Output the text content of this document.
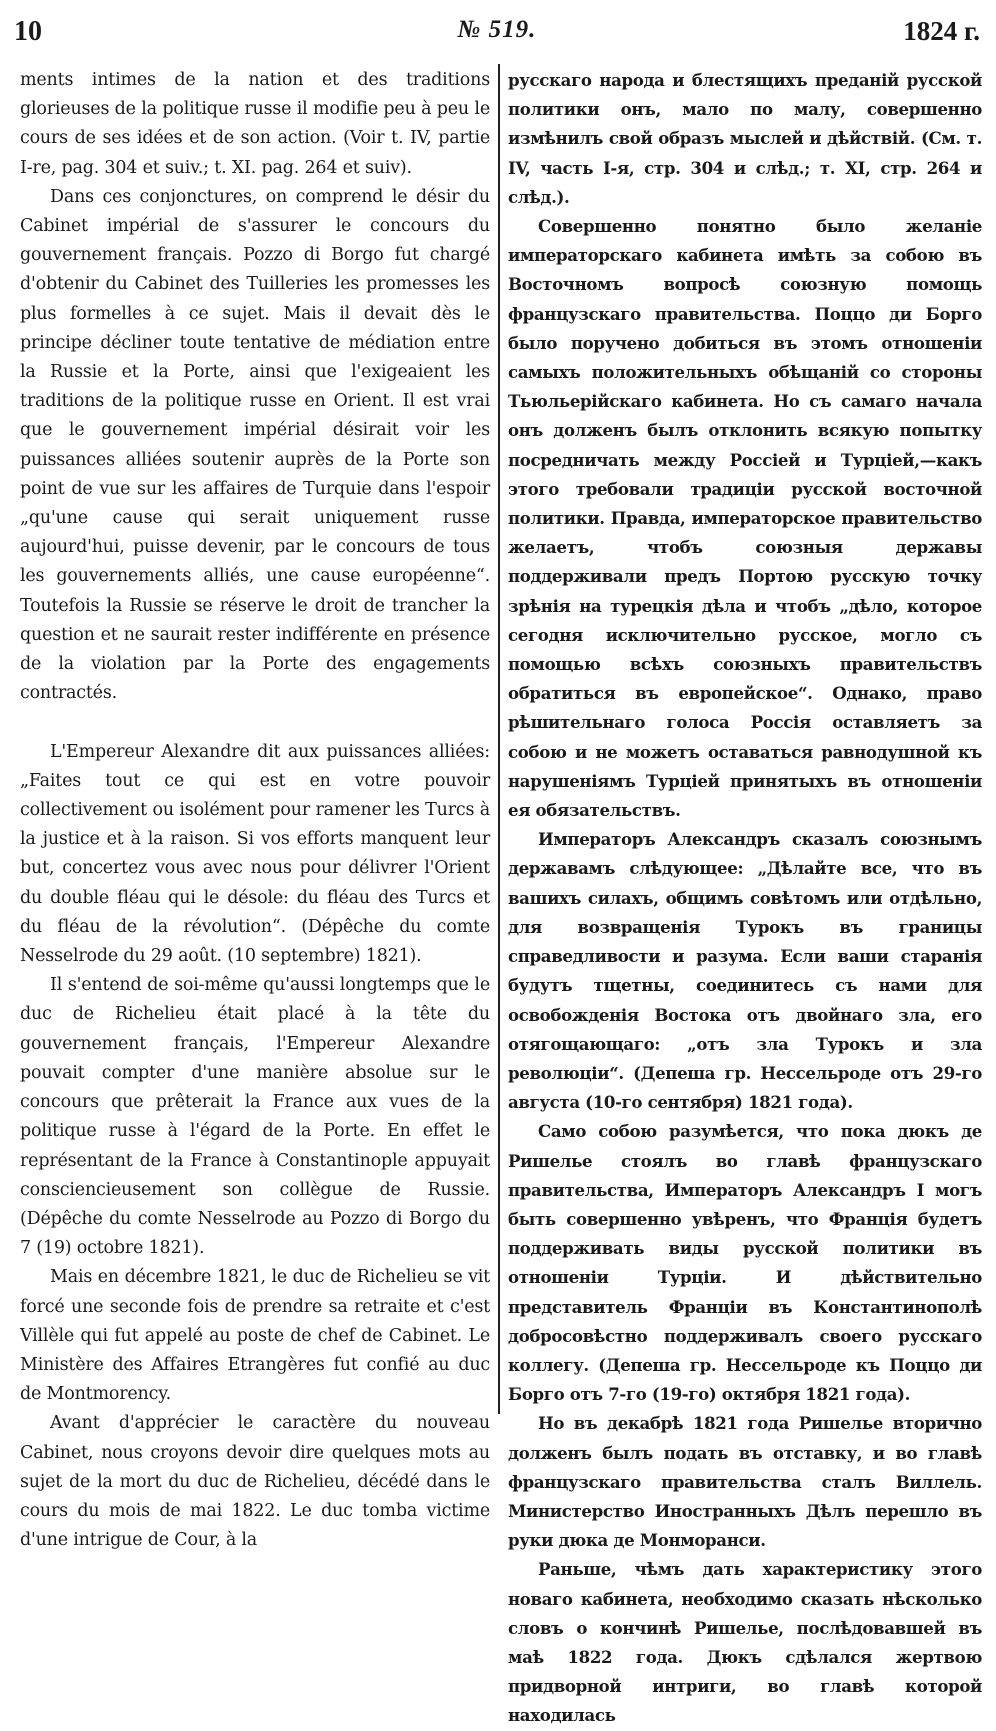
10	№ 519.	1824 г.

ments intimes de la nation et des traditions glorieuses de la politique russe il modifie peu à peu le cours de ses idées et de son action. (Voir t. IV, partie I-re, pag. 304 et suiv.; t. XI. pag. 264 et suiv).

Dans ces conjonctures, on comprend le désir du Cabinet impérial de s'assurer le concours du gouvernement français. Pozzo di Borgo fut chargé d'obtenir du Cabinet des Tuilleries les promesses les plus formelles à ce sujet. Mais il devait dès le principe décliner toute tentative de médiation entre la Russie et la Porte, ainsi que l'exigeaient les traditions de la politique russe en Orient. Il est vrai que le gouvernement impérial désirait voir les puissances alliées soutenir auprès de la Porte son point de vue sur les affaires de Turquie dans l'espoir „qu'une cause qui serait uniquement russe aujourd'hui, puisse devenir, par le concours de tous les gouvernements alliés, une cause européenne“. Toutefois la Russie se réserve le droit de trancher la question et ne saurait rester indifférente en présence de la violation par la Porte des engagements contractés.

L'Empereur Alexandre dit aux puissances alliées: „Faites tout ce qui est en votre pouvoir collectivement ou isolément pour ramener les Turcs à la justice et à la raison. Si vos efforts manquent leur but, concertez vous avec nous pour délivrer l'Orient du double fléau qui le désole: du fléau des Turcs et du fléau de la révolution“. (Dépêche du comte Nesselrode du 29 août. (10 septembre) 1821).

Il s'entend de soi-même qu'aussi longtemps que le duc de Richelieu était placé à la tête du gouvernement français, l'Empereur Alexandre pouvait compter d'une manière absolue sur le concours que prêterait la France aux vues de la politique russe à l'égard de la Porte. En effet le représentant de la France à Constantinople appuyait consciencieusement son collègue de Russie. (Dépêche du comte Nesselrode au Pozzo di Borgo du 7 (19) octobre 1821).

Mais en décembre 1821, le duc de Richelieu se vit forcé une seconde fois de prendre sa retraite et c'est Villèle qui fut appelé au poste de chef de Cabinet. Le Ministère des Affaires Etrangères fut confié au duc de Montmorency.

Avant d'apprécier le caractère du nouveau Cabinet, nous croyons devoir dire quelques mots au sujet de la mort du duc de Richelieu, décédé dans le cours du mois de mai 1822. Le duc tomba victime d'une intrigue de Cour, à la

русскаго народа и блестящихъ преданій русской политики онъ, мало по малу, совершенно измѣнилъ свой образъ мыслей и дѣйствій. (См. т. IV, часть I-я, стр. 304 и слѣд.; т. XI, стр. 264 и слѣд.).

Совершенно понятно было желаніе императорскаго кабинета имѣть за собою въ Восточномъ вопросѣ союзную помощь французскаго правительства. Поццо ди Борго было поручено добиться въ этомъ отношеніи самыхъ положительныхъ обѣщаній со стороны Тьюльерійскаго кабинета. Но съ самаго начала онъ долженъ былъ отклонить всякую попытку посредничать между Россіей и Турціей,—какъ этого требовали традиціи русской восточной политики. Правда, императорское правительство желаетъ, чтобъ союзныя державы поддерживали предъ Портою русскую точку зрѣнія на турецкія дѣла и чтобъ „дѣло, которое сегодня исключительно русское, могло съ помощью всѣхъ союзныхъ правительствъ обратиться въ европейское“. Однако, право рѣшительнаго голоса Россія оставляетъ за собою и не можетъ оставаться равнодушной къ нарушеніямъ Турціей принятыхъ въ отношеніи ея обязательствъ.

Императоръ Александръ сказалъ союзнымъ державамъ слѣдующее: „Дѣлайте все, что въ вашихъ силахъ, общимъ совѣтомъ или отдѣльно, для возвращенія Турокъ въ границы справедливости и разума. Если ваши старанія будутъ тщетны, соединитесь съ нами для освобожденія Востока отъ двойнаго зла, его отягощающаго: „отъ зла Турокъ и зла революціи“. (Депеша гр. Нессельроде отъ 29-го августа (10-го сентября) 1821 года).

Само собою разумѣется, что пока дюкъ де Ришелье стоялъ во главѣ французскаго правительства, Императоръ Александръ I могъ быть совершенно увѣренъ, что Франція будетъ поддерживать виды русской политики въ отношеніи Турціи. И дѣйствительно представитель Франціи въ Константинополѣ добросовѣстно поддерживалъ своего русскаго коллегу. (Депеша гр. Нессельроде къ Поццо ди Борго отъ 7-го (19-го) октября 1821 года).

Но въ декабрѣ 1821 года Ришелье вторично долженъ былъ подать въ отставку, и во главѣ французскаго правительства сталъ Виллель. Министерство Иностранныхъ Дѣлъ перешло въ руки дюка де Монморанси.

Раньше, чѣмъ дать характеристику этого новаго кабинета, необходимо сказать нѣсколько словъ о кончинѣ Ришелье, послѣдовавшей въ маѣ 1822 года. Дюкъ сдѣлался жертвою придворной интриги, во главѣ которой находилась
